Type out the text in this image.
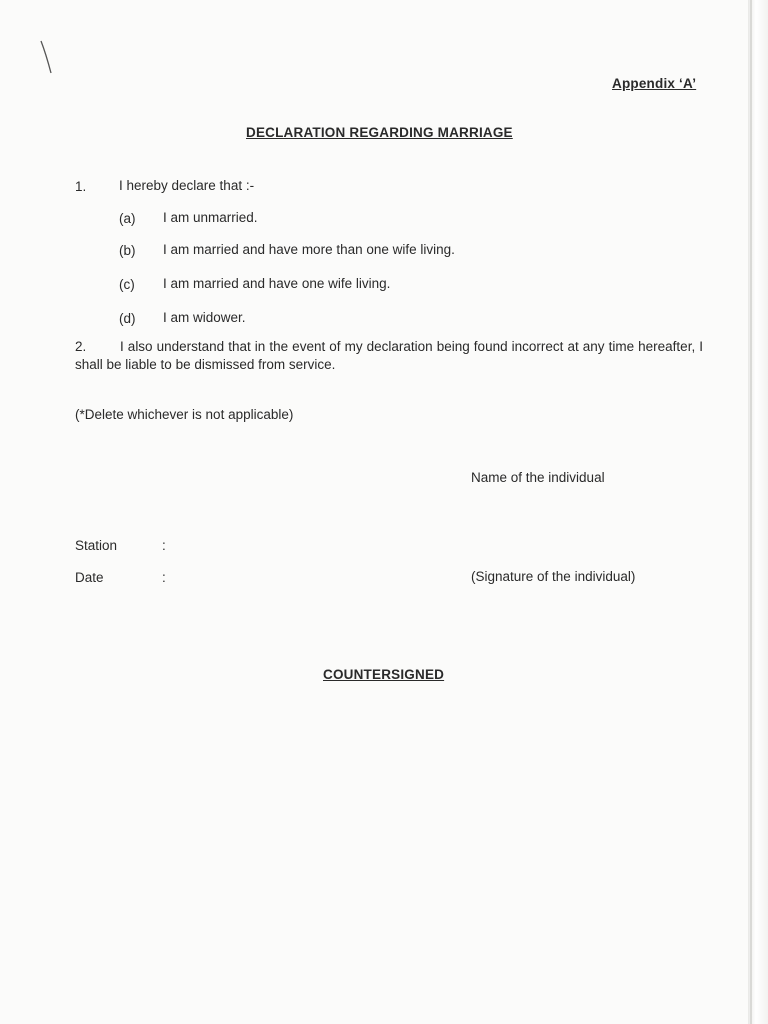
Appendix ‘A’
DECLARATION REGARDING MARRIAGE
1. I hereby declare that :-
(a) I am unmarried.
(b) I am married and have more than one wife living.
(c) I am married and have one wife living.
(d) I am widower.
2. I also understand that in the event of my declaration being found incorrect at any time hereafter, I shall be liable to be dismissed from service.
(*Delete whichever is not applicable)
Name of the individual
Station	:
Date	:	(Signature of the individual)
COUNTERSIGNED
